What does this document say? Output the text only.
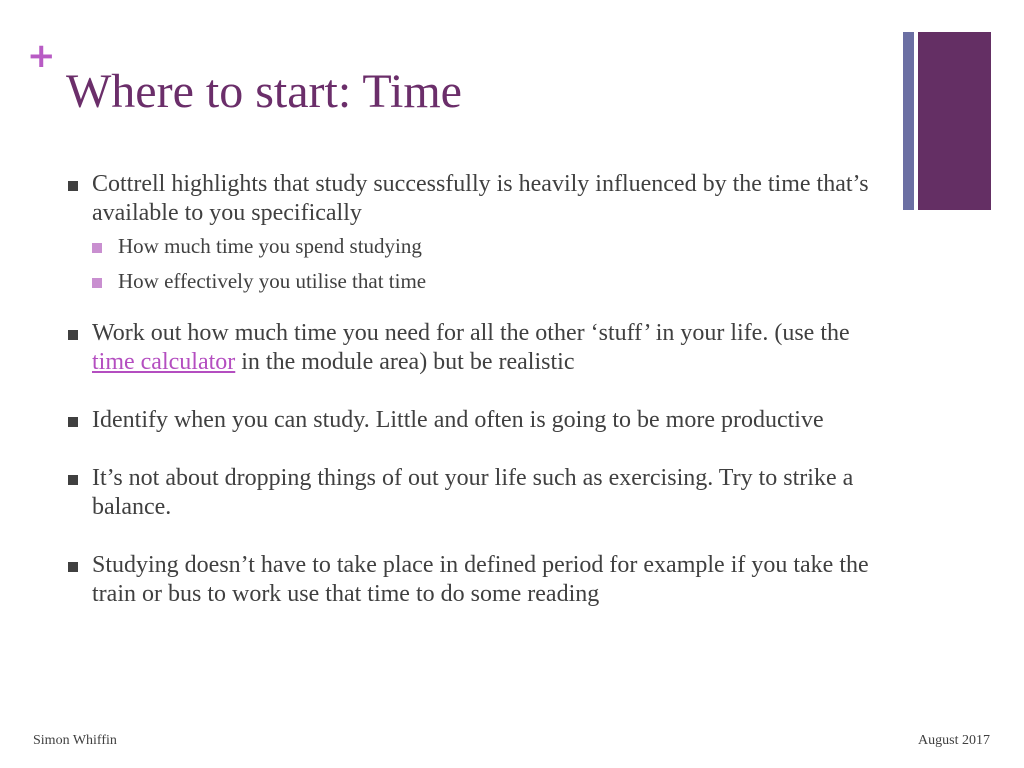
+
Where to start: Time
Cottrell highlights that study successfully is heavily influenced by the time that’s available to you specifically
How much time you spend studying
How effectively you utilise that time
Work out how much time you need for all the other ‘stuff’ in your life. (use the time calculator in the module area) but be realistic
Identify when you can study. Little and often is going to be more productive
It’s not about dropping things of out your life such as exercising. Try to strike a balance.
Studying doesn’t have to take place in defined period for example if you take the train or bus to work use that time to do some reading
Simon Whiffin	August 2017
